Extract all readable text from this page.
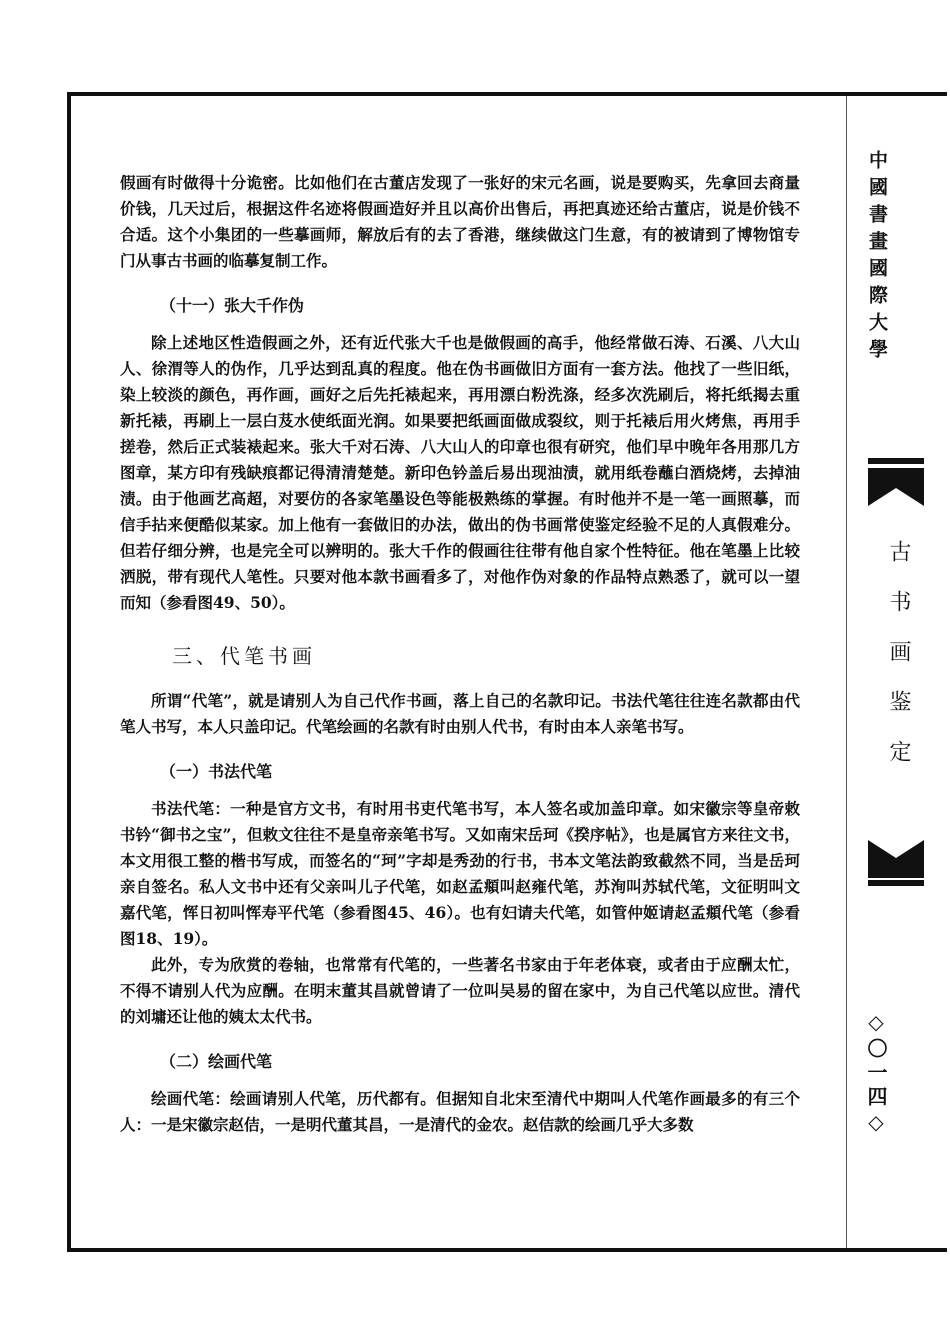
假画有时做得十分诡密。比如他们在古董店发现了一张好的宋元名画，说是要购买，先拿回去商量价钱，几天过后，根据这件名迹将假画造好并且以高价出售后，再把真迹还给古董店，说是价钱不合适。这个小集团的一些摹画师，解放后有的去了香港，继续做这门生意，有的被请到了博物馆专门从事古书画的临摹复制工作。

（十一）张大千作伪

除上述地区性造假画之外，还有近代张大千也是做假画的高手，他经常做石涛、石溪、八大山人、徐渭等人的伪作，几乎达到乱真的程度。他在伪书画做旧方面有一套方法。他找了一些旧纸，染上较淡的颜色，再作画，画好之后先托裱起来，再用漂白粉洗涤，经多次洗刷后，将托纸揭去重新托裱，再刷上一层白芨水使纸面光润。如果要把纸画面做成裂纹，则于托裱后用火烤焦，再用手搓卷，然后正式装裱起来。张大千对石涛、八大山人的印章也很有研究，他们早中晚年各用那几方图章，某方印有残缺痕都记得清清楚楚。新印色钤盖后易出现油渍，就用纸卷蘸白酒烧烤，去掉油渍。由于他画艺高超，对要仿的各家笔墨设色等能极熟练的掌握。有时他并不是一笔一画照摹，而信手拈来便酷似某家。加上他有一套做旧的办法，做出的伪书画常使鉴定经验不足的人真假难分。但若仔细分辨，也是完全可以辨明的。张大千作的假画往往带有他自家个性特征。他在笔墨上比较洒脱，带有现代人笔性。只要对他本款书画看多了，对他作伪对象的作品特点熟悉了，就可以一望而知（参看图49、50）。

三、代笔书画

所谓“代笔”，就是请别人为自己代作书画，落上自己的名款印记。书法代笔往往连名款都由代笔人书写，本人只盖印记。代笔绘画的名款有时由别人代书，有时由本人亲笔书写。

（一）书法代笔

书法代笔：一种是官方文书，有时用书吏代笔书写，本人签名或加盖印章。如宋徽宗等皇帝敕书钤“御书之宝”，但敕文往往不是皇帝亲笔书写。又如南宋岳珂《揆序帖》，也是属官方来往文书，本文用很工整的楷书写成，而签名的“珂”字却是秀劲的行书，书本文笔法韵致截然不同，当是岳珂亲自签名。私人文书中还有父亲叫儿子代笔，如赵孟頫叫赵雍代笔，苏洵叫苏轼代笔，文征明叫文嘉代笔，恽日初叫恽寿平代笔（参看图45、46）。也有妇请夫代笔，如管仲姬请赵孟頫代笔（参看图18、19）。

此外，专为欣赏的卷轴，也常常有代笔的，一些著名书家由于年老体衰，或者由于应酬太忙，不得不请别人代为应酬。在明末董其昌就曾请了一位叫吴易的留在家中，为自己代笔以应世。清代的刘墉还让他的姨太太代书。

（二）绘画代笔

绘画代笔：绘画请别人代笔，历代都有。但据知自北宋至清代中期叫人代笔作画最多的有三个人：一是宋徽宗赵佶，一是明代董其昌，一是清代的金农。赵佶款的绘画几乎大多数

中國書畫國際大學
古书画鉴定
◇〇一四◇
